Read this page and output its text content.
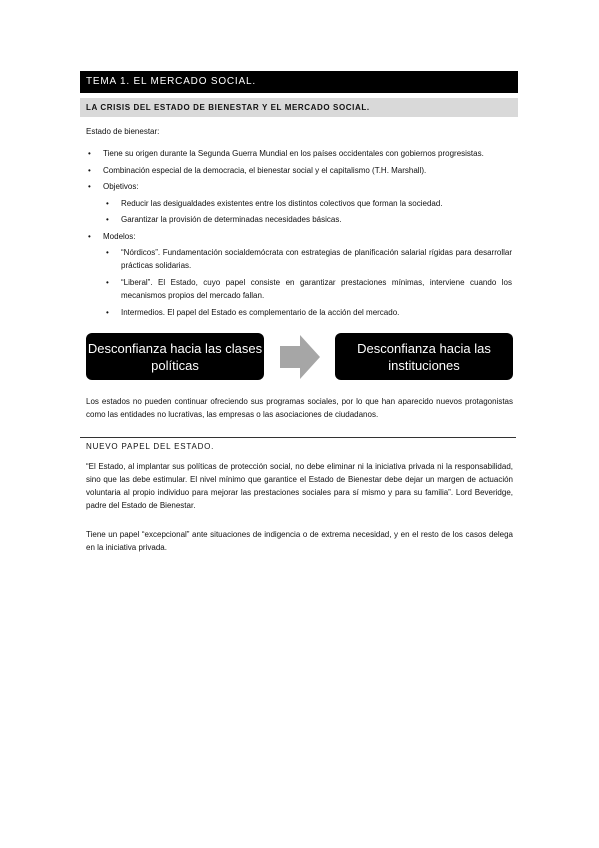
TEMA 1. EL MERCADO SOCIAL.
LA CRISIS DEL ESTADO DE BIENESTAR Y EL MERCADO SOCIAL.
Estado de bienestar:
• Tiene su origen durante la Segunda Guerra Mundial en los países occidentales con gobiernos progresistas.
• Combinación especial de la democracia, el bienestar social y el capitalismo (T.H. Marshall).
• Objetivos:
• Reducir las desigualdades existentes entre los distintos colectivos que forman la sociedad.
• Garantizar la provisión de determinadas necesidades básicas.
• Modelos:
• “Nórdicos”. Fundamentación socialdemócrata con estrategias de planificación salarial rígidas para desarrollar prácticas solidarias.
• “Liberal”. El Estado, cuyo papel consiste en garantizar prestaciones mínimas, interviene cuando los mecanismos propios del mercado fallan.
• Intermedios. El papel del Estado es complementario de la acción del mercado.
Desconfianza hacia las clases políticas
Desconfianza hacia las instituciones
Los estados no pueden continuar ofreciendo sus programas sociales, por lo que han aparecido nuevos protagonistas como las entidades no lucrativas, las empresas o las asociaciones de ciudadanos.
NUEVO PAPEL DEL ESTADO.
“El Estado, al implantar sus políticas de protección social, no debe eliminar ni la iniciativa privada ni la responsabilidad, sino que las debe estimular. El nivel mínimo que garantice el Estado de Bienestar debe dejar un margen de actuación voluntaria al propio individuo para mejorar las prestaciones sociales para sí mismo y para su familia”. Lord Beveridge, padre del Estado de Bienestar.
Tiene un papel “excepcional” ante situaciones de indigencia o de extrema necesidad, y en el resto de los casos delega en la iniciativa privada.
